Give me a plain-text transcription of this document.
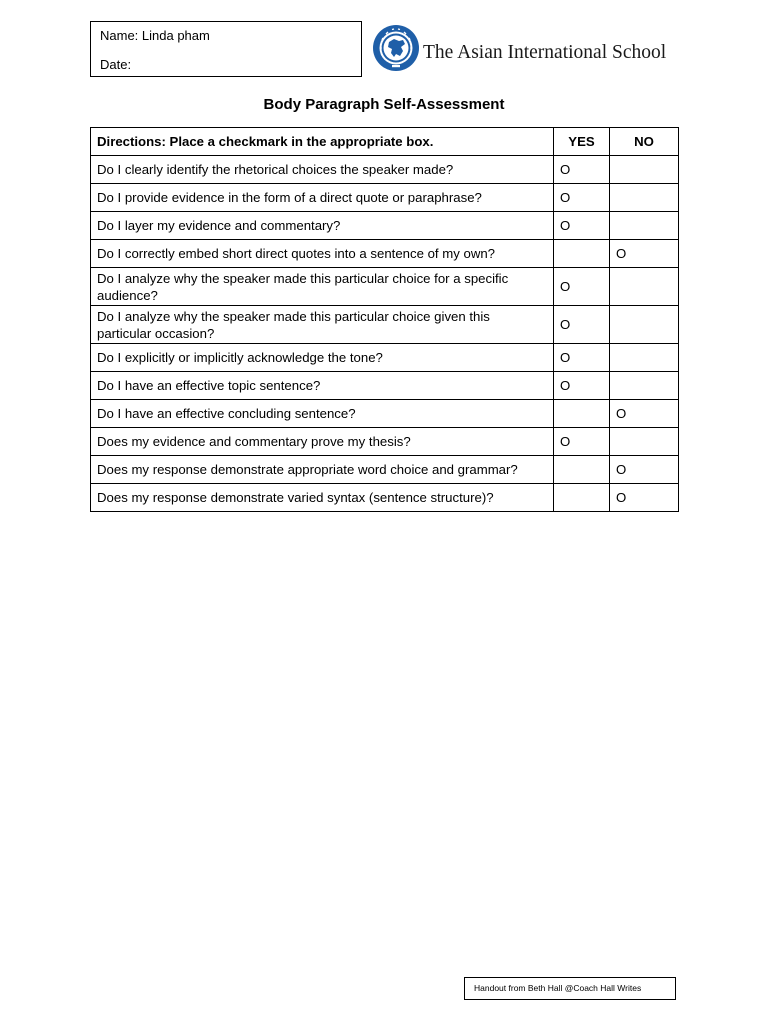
Name: Linda pham
Date:
The Asian International School
Body Paragraph Self-Assessment
Directions: Place a checkmark in the appropriate box.	YES	NO
Do I clearly identify the rhetorical choices the speaker made?	O	
Do I provide evidence in the form of a direct quote or paraphrase?	O	
Do I layer my evidence and commentary?	O	
Do I correctly embed short direct quotes into a sentence of my own?		O
Do I analyze why the speaker made this particular choice for a specific audience?	O	
Do I analyze why the speaker made this particular choice given this particular occasion?	O	
Do I explicitly or implicitly acknowledge the tone?	O	
Do I have an effective topic sentence?	O	
Do I have an effective concluding sentence?		O
Does my evidence and commentary prove my thesis?	O	
Does my response demonstrate appropriate word choice and grammar?		O
Does my response demonstrate varied syntax (sentence structure)?		O
Handout from Beth Hall @Coach Hall Writes
